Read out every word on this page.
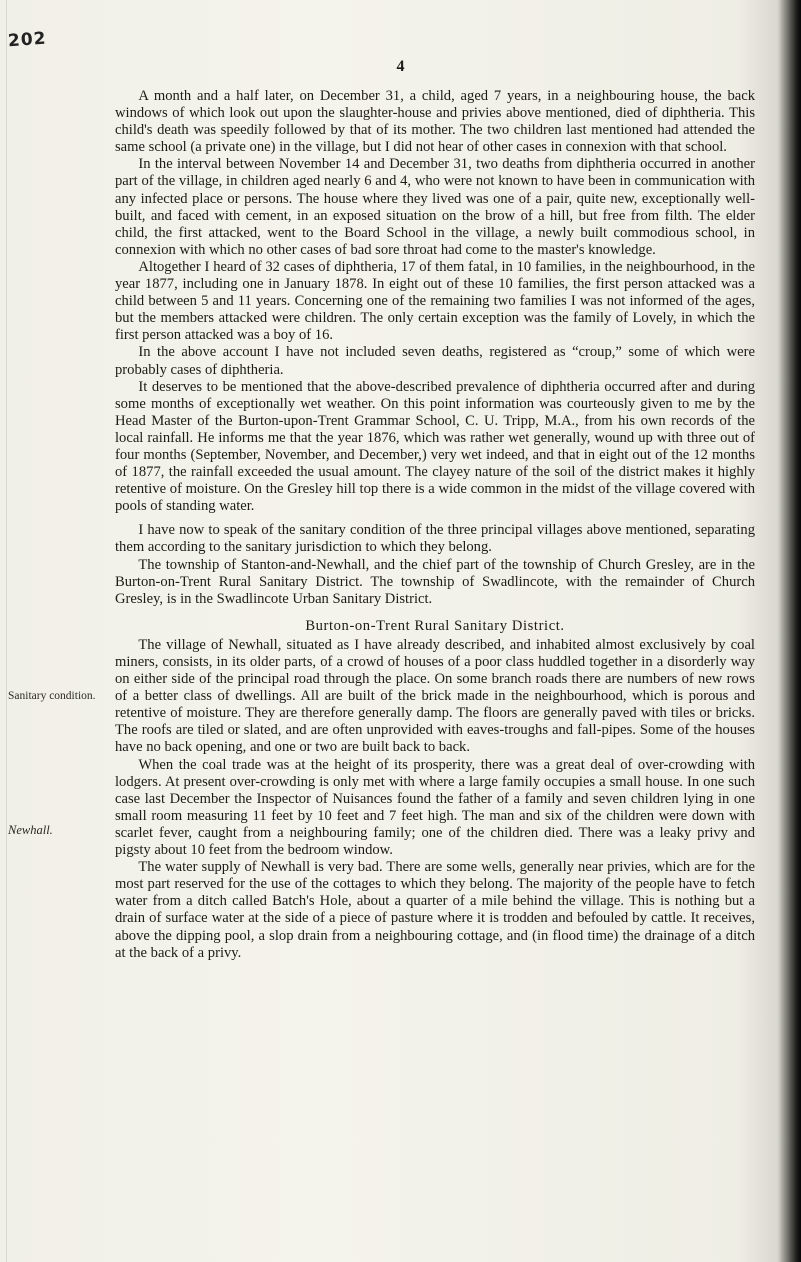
202
4
Sanitary condition.
Newhall.

A month and a half later, on December 31, a child, aged 7 years, in a neighbouring house, the back windows of which look out upon the slaughter-house and privies above mentioned, died of diphtheria. This child's death was speedily followed by that of its mother. The two children last mentioned had attended the same school (a private one) in the village, but I did not hear of other cases in connexion with that school.

In the interval between November 14 and December 31, two deaths from diphtheria occurred in another part of the village, in children aged nearly 6 and 4, who were not known to have been in communication with any infected place or persons. The house where they lived was one of a pair, quite new, exceptionally well-built, and faced with cement, in an exposed situation on the brow of a hill, but free from filth. The elder child, the first attacked, went to the Board School in the village, a newly built commodious school, in connexion with which no other cases of bad sore throat had come to the master's knowledge.

Altogether I heard of 32 cases of diphtheria, 17 of them fatal, in 10 families, in the neighbourhood, in the year 1877, including one in January 1878. In eight out of these 10 families, the first person attacked was a child between 5 and 11 years. Concerning one of the remaining two families I was not informed of the ages, but the members attacked were children. The only certain exception was the family of Lovely, in which the first person attacked was a boy of 16.

In the above account I have not included seven deaths, registered as “croup,” some of which were probably cases of diphtheria.

It deserves to be mentioned that the above-described prevalence of diphtheria occurred after and during some months of exceptionally wet weather. On this point information was courteously given to me by the Head Master of the Burton-upon-Trent Grammar School, C. U. Tripp, M.A., from his own records of the local rainfall. He informs me that the year 1876, which was rather wet generally, wound up with three out of four months (September, November, and December,) very wet indeed, and that in eight out of the 12 months of 1877, the rainfall exceeded the usual amount. The clayey nature of the soil of the district makes it highly retentive of moisture. On the Gresley hill top there is a wide common in the midst of the village covered with pools of standing water.

I have now to speak of the sanitary condition of the three principal villages above mentioned, separating them according to the sanitary jurisdiction to which they belong.

The township of Stanton-and-Newhall, and the chief part of the township of Church Gresley, are in the Burton-on-Trent Rural Sanitary District. The township of Swadlincote, with the remainder of Church Gresley, is in the Swadlincote Urban Sanitary District.

Burton-on-Trent Rural Sanitary District.

The village of Newhall, situated as I have already described, and inhabited almost exclusively by coal miners, consists, in its older parts, of a crowd of houses of a poor class huddled together in a disorderly way on either side of the principal road through the place. On some branch roads there are numbers of new rows of a better class of dwellings. All are built of the brick made in the neighbourhood, which is porous and retentive of moisture. They are therefore generally damp. The floors are generally paved with tiles or bricks. The roofs are tiled or slated, and are often unprovided with eaves-troughs and fall-pipes. Some of the houses have no back opening, and one or two are built back to back.

When the coal trade was at the height of its prosperity, there was a great deal of over-crowding with lodgers. At present over-crowding is only met with where a large family occupies a small house. In one such case last December the Inspector of Nuisances found the father of a family and seven children lying in one small room measuring 11 feet by 10 feet and 7 feet high. The man and six of the children were down with scarlet fever, caught from a neighbouring family; one of the children died. There was a leaky privy and pigsty about 10 feet from the bedroom window.

The water supply of Newhall is very bad. There are some wells, generally near privies, which are for the most part reserved for the use of the cottages to which they belong. The majority of the people have to fetch water from a ditch called Batch's Hole, about a quarter of a mile behind the village. This is nothing but a drain of surface water at the side of a piece of pasture where it is trodden and befouled by cattle. It receives, above the dipping pool, a slop drain from a neighbouring cottage, and (in flood time) the drainage of a ditch at the back of a privy.
